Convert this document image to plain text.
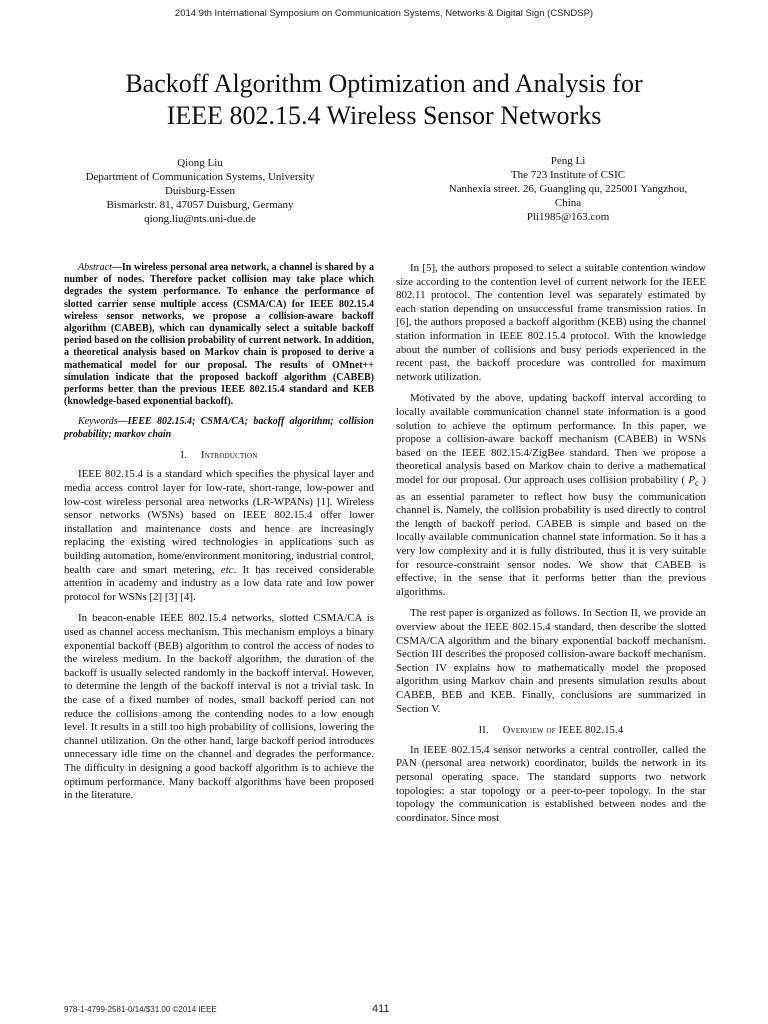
2014 9th International Symposium on Communication Systems, Networks & Digital Sign (CSNDSP)
Backoff Algorithm Optimization and Analysis for
IEEE 802.15.4 Wireless Sensor Networks
Qiong Liu
Department of Communication Systems, University
Duisburg-Essen
Bismarkstr. 81, 47057 Duisburg, Germany
qiong.liu@nts.uni-due.de
Peng Li
The 723 Institute of CSIC
Nanhexia street. 26, Guangling qu, 225001 Yangzhou,
China
Pli1985@163.com

Abstract—In wireless personal area network, a channel is shared by a number of nodes. Therefore packet collision may take place which degrades the system performance. To enhance the performance of slotted carrier sense multiple access (CSMA/CA) for IEEE 802.15.4 wireless sensor networks, we propose a collision-aware backoff algorithm (CABEB), which can dynamically select a suitable backoff period based on the collision probability of current network. In addition, a theoretical analysis based on Markov chain is proposed to derive a mathematical model for our proposal. The results of OMnet++ simulation indicate that the proposed backoff algorithm (CABEB) performs better than the previous IEEE 802.15.4 standard and KEB (knowledge-based exponential backoff).

Keywords—IEEE 802.15.4; CSMA/CA; backoff algorithm; collision probability; markov chain

I. Introduction

IEEE 802.15.4 is a standard which specifies the physical layer and media access control layer for low-rate, short-range, low-power and low-cost wireless personal area networks (LR-WPANs) [1]. Wireless sensor networks (WSNs) based on IEEE 802.15.4 offer lower installation and maintenance costs and hence are increasingly replacing the existing wired technologies in applications such as building automation, home/environment monitoring, industrial control, health care and smart metering, etc. It has received considerable attention in academy and industry as a low data rate and low power protocol for WSNs [2] [3] [4].

In beacon-enable IEEE 802.15.4 networks, slotted CSMA/CA is used as channel access mechanism. This mechanism employs a binary exponential backoff (BEB) algorithm to control the access of nodes to the wireless medium. In the backoff algorithm, the duration of the backoff is usually selected randomly in the backoff interval. However, to determine the length of the backoff interval is not a trivial task. In the case of a fixed number of nodes, small backoff period can not reduce the collisions among the contending nodes to a low enough level. It results in a still too high probability of collisions, lowering the channel utilization. On the other hand, large backoff period introduces unnecessary idle time on the channel and degrades the performance. The difficulty in designing a good backoff algorithm is to achieve the optimum performance. Many backoff algorithms have been proposed in the literature.

In [5], the authors proposed to select a suitable contention window size according to the contention level of current network for the IEEE 802.11 protocol. The contention level was separately estimated by each station depending on unsuccessful frame transmission ratios. In [6], the authors proposed a backoff algorithm (KEB) using the channel station information in IEEE 802.15.4 protocol. With the knowledge about the number of collisions and busy periods experienced in the recent past, the backoff procedure was controlled for maximum network utilization.

Motivated by the above, updating backoff interval according to locally available communication channel state information is a good solution to achieve the optimum performance. In this paper, we propose a collision-aware backoff mechanism (CABEB) in WSNs based on the IEEE 802.15.4/ZigBee standard. Then we propose a theoretical analysis based on Markov chain to derive a mathematical model for our proposal. Our approach uses collision probability ( $P_c$ ) as an essential parameter to reflect how busy the communication channel is. Namely, the collision probability is used directly to control the length of backoff period. CABEB is simple and based on the locally available communication channel state information. So it has a very low complexity and it is fully distributed, thus it is very suitable for resource-constraint sensor nodes. We show that CABEB is effective, in the sense that it performs better than the previous algorithms.

The rest paper is organized as follows. In Section II, we provide an overview about the IEEE 802.15.4 standard, then describe the slotted CSMA/CA algorithm and the binary exponential backoff mechanism. Section III describes the proposed collision-aware backoff mechanism. Section IV explains how to mathematically model the proposed algorithm using Markov chain and presents simulation results about CABEB, BEB and KEB. Finally, conclusions are summarized in Section V.

II. Overview of IEEE 802.15.4

In IEEE 802.15.4 sensor networks a central controller, called the PAN (personal area network) coordinator, builds the network in its personal operating space. The standard supports two network topologies: a star topology or a peer-to-peer topology. In the star topology the communication is established between nodes and the coordinator. Since most

978-1-4799-2581-0/14/$31.00 ©2014 IEEE	411
